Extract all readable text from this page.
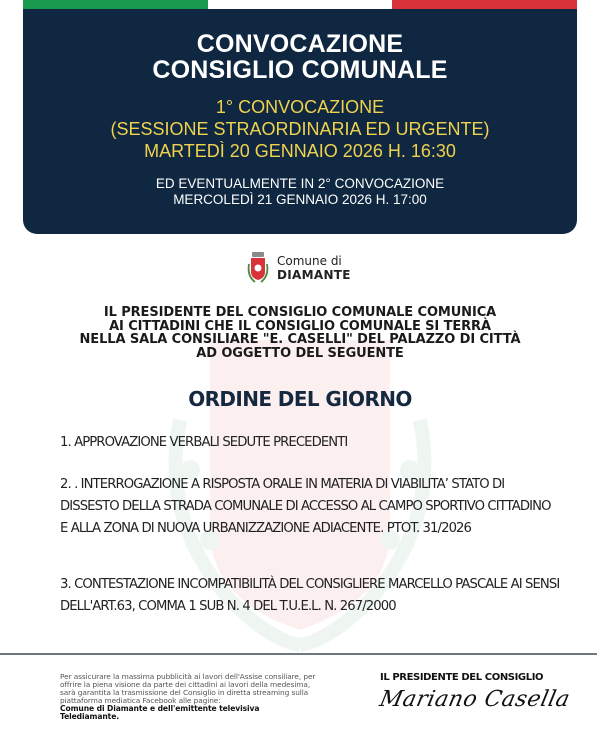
CONVOCAZIONE
CONSIGLIO COMUNALE
1° CONVOCAZIONE
(SESSIONE STRAORDINARIA ED URGENTE)
MARTEDÌ 20 GENNAIO 2026 H. 16:30
ED EVENTUALMENTE IN 2° CONVOCAZIONE
MERCOLEDÌ 21 GENNAIO 2026 H. 17:00
Comune di
DIAMANTE
IL PRESIDENTE DEL CONSIGLIO COMUNALE COMUNICA
AI CITTADINI CHE IL CONSIGLIO COMUNALE SI TERRÀ
NELLA SALA CONSILIARE "E. CASELLI" DEL PALAZZO DI CITTÀ
AD OGGETTO DEL SEGUENTE
ORDINE DEL GIORNO
1. APPROVAZIONE VERBALI SEDUTE PRECEDENTI
2. . INTERROGAZIONE A RISPOSTA ORALE IN MATERIA DI VIABILITA’ STATO DI DISSESTO DELLA STRADA COMUNALE DI ACCESSO AL CAMPO SPORTIVO CITTADINO E ALLA ZONA DI NUOVA URBANIZZAZIONE ADIACENTE. PTOT. 31/2026
3. CONTESTAZIONE INCOMPATIBILITÀ DEL CONSIGLIERE MARCELLO PASCALE AI SENSI DELL'ART.63, COMMA 1 SUB N. 4 DEL T.U.E.L. N. 267/2000
Per assicurare la massima pubblicità ai lavori dell'Assise consiliare, per offrire la piena visione da parte dei cittadini ai lavori della medesima, sarà garantita la trasmissione del Consiglio in diretta streaming sulla piattaforma mediatica Facebook alle pagine:
Comune di Diamante e dell'emittente televisiva Telediamante.
IL PRESIDENTE DEL CONSIGLIO
Mariano Casella
